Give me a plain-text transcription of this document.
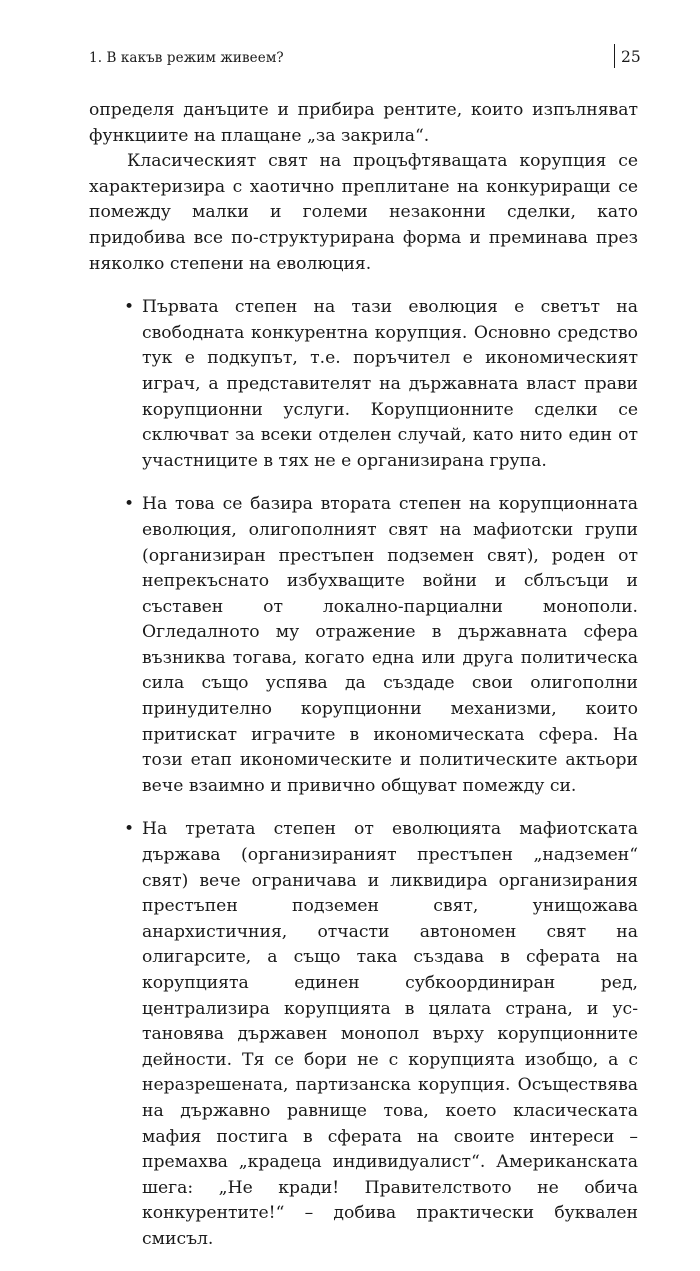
1. В какъв режим живеем?	25

определя данъците и прибира рентите, които изпълняват функциите на плащане „за закрила“.

Класическият свят на процъфтяващата корупция се характеризира с хаотично преплитане на конкуриращи се помежду малки и големи незаконни сделки, като придобива все по-структурирана форма и преминава през няколко степени на еволюция.

• Първата степен на тази еволюция е светът на свободната конкурентна корупция. Основно средство тук е подкупът, т.е. поръчител е икономическият играч, а представителят на държавната власт прави корупционни услуги. Корупционните сделки се сключват за всеки отделен случай, като нито един от участниците в тях не е организирана група.
• На това се базира втората степен на корупционната еволюция, олигополният свят на мафиотски групи (организиран престъпен подземен свят), роден от непрекъснато избухващите войни и сблъсъци и съставен от локално-парциални монополи. Огледалното му отражение в държавната сфера възниква тогава, когато една или друга политическа сила също успява да създаде свои олигополни принудително корупционни механизми, които притискат играчите в икономическата сфера. На този етап икономическите и политическите актьори вече взаимно и привично общуват помежду си.
• На третата степен от еволюцията мафиотската държава (организираният престъпен „надземен“ свят) вече ограничава и ликвидира организирания престъпен подземен свят, унищожава анархистичния, отчасти автономен свят на олигарсите, а също така създава в сферата на корупцията единен субкоординиран ред, централизира корупцията в цялата страна, и установява държавен монопол върху корупционните дейности. Тя се бори не с корупцията изобщо, а с неразрешената, партизанска корупция. Осъществява на държавно равнище това, което класическата мафия постига в сферата на своите интереси – премахва „крадеца индивидуалист“. Американската шега: „Не кради! Правителството не обича конкурентите!“ – добива практически буквален смисъл.
